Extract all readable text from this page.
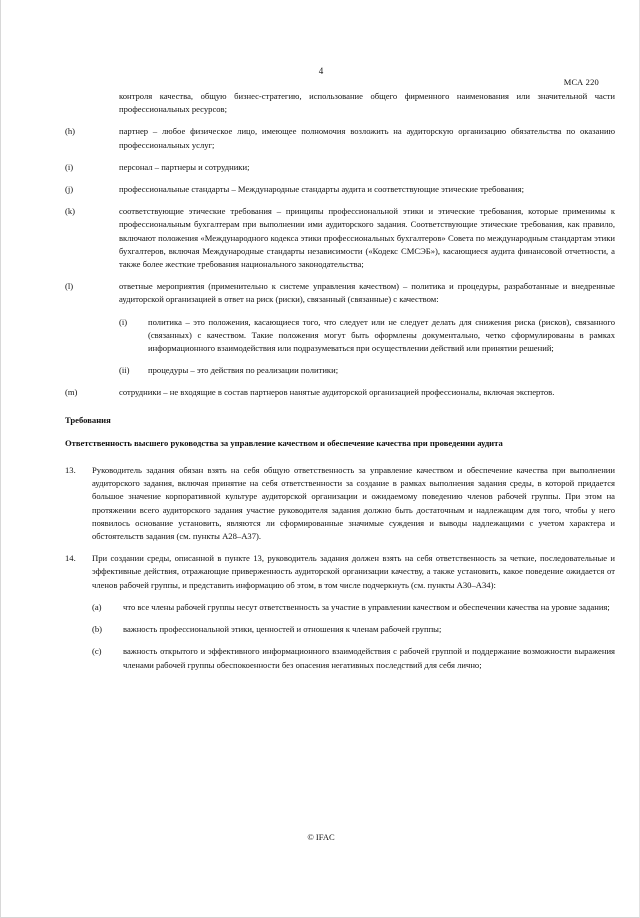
4
МСА 220
контроля качества, общую бизнес-стратегию, использование общего фирменного наименования или значительной части профессиональных ресурсов;
(h)	партнер – любое физическое лицо, имеющее полномочия возложить на аудиторскую организацию обязательства по оказанию профессиональных услуг;
(i)	персонал – партнеры и сотрудники;
(j)	профессиональные стандарты – Международные стандарты аудита и соответствующие этические требования;
(k)	соответствующие этические требования – принципы профессиональной этики и этические требования, которые применимы к профессиональным бухгалтерам при выполнении ими аудиторского задания. Соответствующие этические требования, как правило, включают положения «Международного кодекса этики профессиональных бухгалтеров» Совета по международным стандартам этики бухгалтеров, включая Международные стандарты независимости («Кодекс СМСЭБ»), касающиеся аудита финансовой отчетности, а также более жесткие требования национального законодательства;
(l)	ответные мероприятия (применительно к системе управления качеством) – политика и процедуры, разработанные и внедренные аудиторской организацией в ответ на риск (риски), связанный (связанные) с качеством:
(i) политика – это положения, касающиеся того, что следует или не следует делать для снижения риска (рисков), связанного (связанных) с качеством. Такие положения могут быть оформлены документально, четко сформулированы в рамках информационного взаимодействия или подразумеваться при осуществлении действий или принятии решений;
(ii) процедуры – это действия по реализации политики;
(m)	сотрудники – не входящие в состав партнеров нанятые аудиторской организацией профессионалы, включая экспертов.
Требования
Ответственность высшего руководства за управление качеством и обеспечение качества при проведении аудита
13. Руководитель задания обязан взять на себя общую ответственность за управление качеством и обеспечение качества при выполнении аудиторского задания, включая принятие на себя ответственности за создание в рамках выполнения задания среды, в которой придается большое значение корпоративной культуре аудиторской организации и ожидаемому поведению членов рабочей группы. При этом на протяжении всего аудиторского задания участие руководителя задания должно быть достаточным и надлежащим для того, чтобы у него появилось основание установить, являются ли сформированные значимые суждения и выводы надлежащими с учетом характера и обстоятельств задания (см. пункты A28–A37).
14. При создании среды, описанной в пункте 13, руководитель задания должен взять на себя ответственность за четкие, последовательные и эффективные действия, отражающие приверженность аудиторской организации качеству, а также установить, какое поведение ожидается от членов рабочей группы, и представить информацию об этом, в том числе подчеркнуть (см. пункты A30–A34):
(a) что все члены рабочей группы несут ответственность за участие в управлении качеством и обеспечении качества на уровне задания;
(b) важность профессиональной этики, ценностей и отношения к членам рабочей группы;
(c) важность открытого и эффективного информационного взаимодействия с рабочей группой и поддержание возможности выражения членами рабочей группы обеспокоенности без опасения негативных последствий для себя лично;
© IFAC
